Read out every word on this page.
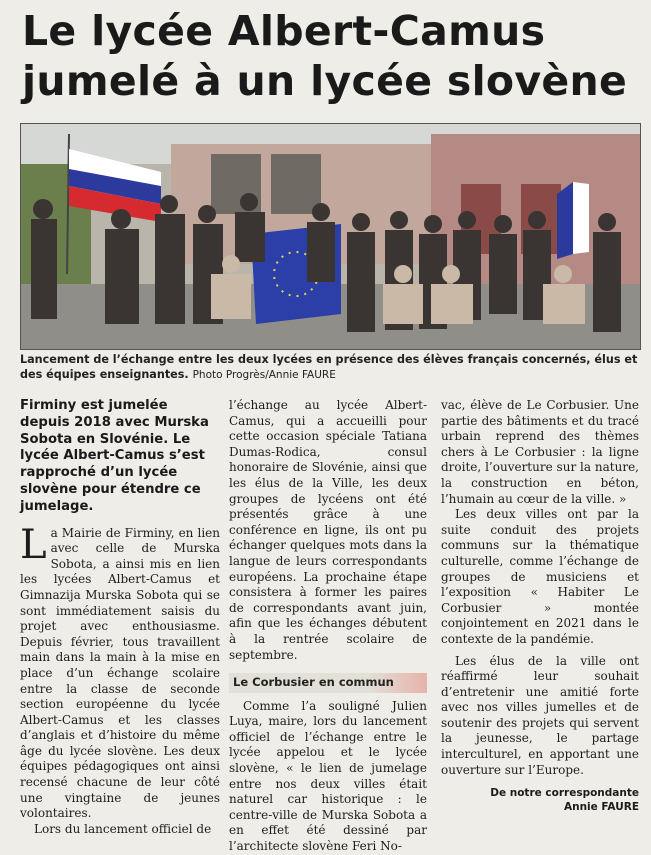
Le lycée Albert-Camus
jumelé à un lycée slovène
Lancement de l’échange entre les deux lycées en présence des élèves français concernés, élus et des équipes enseignantes. Photo Progrès/Annie FAURE
Firminy est jumelée depuis 2018 avec Murska Sobota en Slovénie. Le lycée Albert-Camus s’est rapproché d’un lycée slovène pour étendre ce jumelage.

La Mairie de Firminy, en lien avec celle de Murska Sobota, a ainsi mis en lien les lycées Albert-Camus et Gimnazija Murska Sobota qui se sont immédiatement saisis du projet avec enthousiasme. Depuis février, tous travaillent main dans la main à la mise en place d’un échange scolaire entre la classe de seconde section européenne du lycée Albert-Camus et les classes d’anglais et d’histoire du même âge du lycée slovène. Les deux équipes pédagogiques ont ainsi recensé chacune de leur côté une vingtaine de jeunes volontaires.

Lors du lancement officiel de

l’échange au lycée Albert-Camus, qui a accueilli pour cette occasion spéciale Tatiana Dumas-Rodica, consul honoraire de Slovénie, ainsi que les élus de la Ville, les deux groupes de lycéens ont été présentés grâce à une conférence en ligne, ils ont pu échanger quelques mots dans la langue de leurs correspondants européens. La prochaine étape consistera à former les paires de correspondants avant juin, afin que les échanges débutent à la rentrée scolaire de septembre.

Le Corbusier en commun

Comme l’a souligné Julien Luya, maire, lors du lancement officiel de l’échange entre le lycée appelou et le lycée slovène, « le lien de jumelage entre nos deux villes était naturel car historique : le centre-ville de Murska Sobota a en effet été dessiné par l’architecte slovène Feri No-

vac, élève de Le Corbusier. Une partie des bâtiments et du tracé urbain reprend des thèmes chers à Le Corbusier : la ligne droite, l’ouverture sur la nature, la construction en béton, l’humain au cœur de la ville. »

Les deux villes ont par la suite conduit des projets communs sur la thématique culturelle, comme l’échange de groupes de musiciens et l’exposition « Habiter Le Corbusier » montée conjointement en 2021 dans le contexte de la pandémie.

Les élus de la ville ont réaffirmé leur souhait d’entretenir une amitié forte avec nos villes jumelles et de soutenir des projets qui servent la jeunesse, le partage interculturel, en apportant une ouverture sur l’Europe.

De notre correspondante
Annie FAURE
